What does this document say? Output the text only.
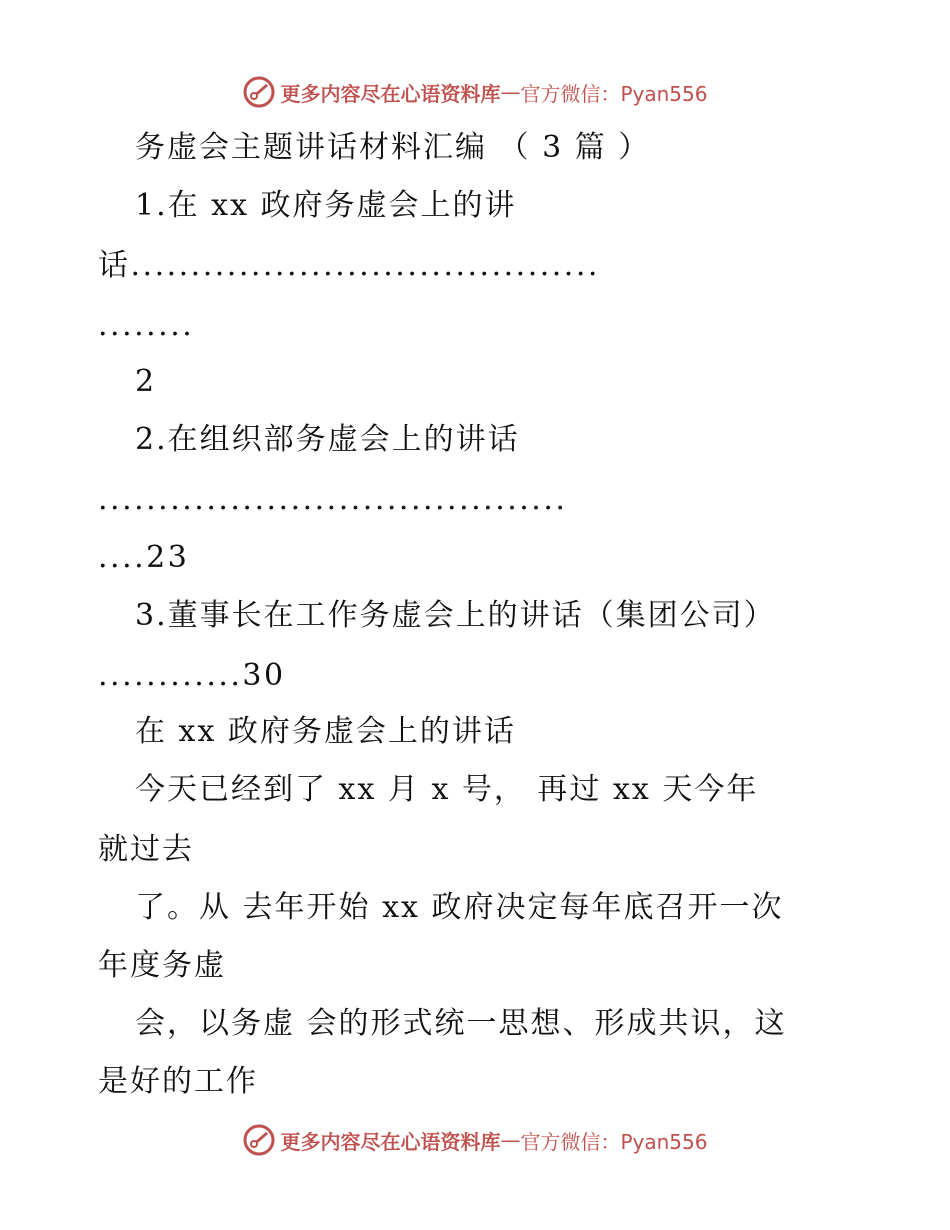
更多内容尽在心语资料库 — 官方微信：Pyan556
务虚会主题讲话材料汇编 （ 3 篇 ）
1.在 xx 政府务虚会上的讲
话.......................................
........
2
2.在组织部务虚会上的讲话
.......................................
....23
3.董事长在工作务虚会上的讲话（集团公司）
............30
在 xx 政府务虚会上的讲话
今天已经到了 xx 月 x 号， 再过 xx 天今年
就过去
了。从 去年开始 xx 政府决定每年底召开一次
年度务虚
会，以务虚 会的形式统一思想、形成共识，这
是好的工作
更多内容尽在心语资料库 — 官方微信：Pyan556
